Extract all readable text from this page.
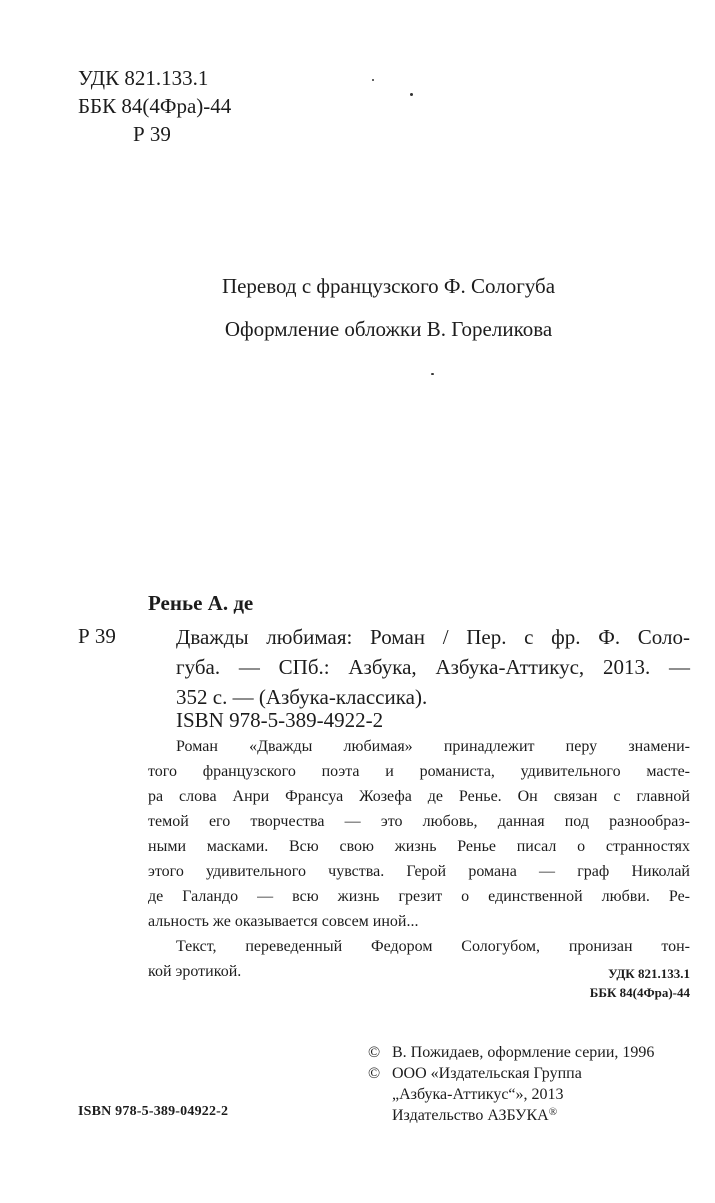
УДК 821.133.1
ББК 84(4Фра)-44
Р 39
Перевод с французского Ф. Сологуба
Оформление обложки В. Гореликова
Ренье А. де
Р 39	Дважды любимая: Роман / Пер. с фр. Ф. Соло-
губа. — СПб.: Азбука, Азбука-Аттикус, 2013. —
352 с. — (Азбука-классика).
ISBN 978-5-389-4922-2
Роман «Дважды любимая» принадлежит перу знамени-
того французского поэта и романиста, удивительного масте-
ра слова Анри Франсуа Жозефа де Ренье. Он связан с главной
темой его творчества — это любовь, данная под разнообраз-
ными масками. Всю свою жизнь Ренье писал о странностях
этого удивительного чувства. Герой романа — граф Николай
де Галандо — всю жизнь грезит о единственной любви. Ре-
альность же оказывается совсем иной...
Текст, переведенный Федором Сологубом, пронизан тон-
кой эротикой.	УДК 821.133.1
ББК 84(4Фра)-44
© В. Пожидаев, оформление серии, 1996
© ООО «Издательская Группа
„Азбука-Аттикус“», 2013
Издательство АЗБУКА®
ISBN 978-5-389-04922-2
